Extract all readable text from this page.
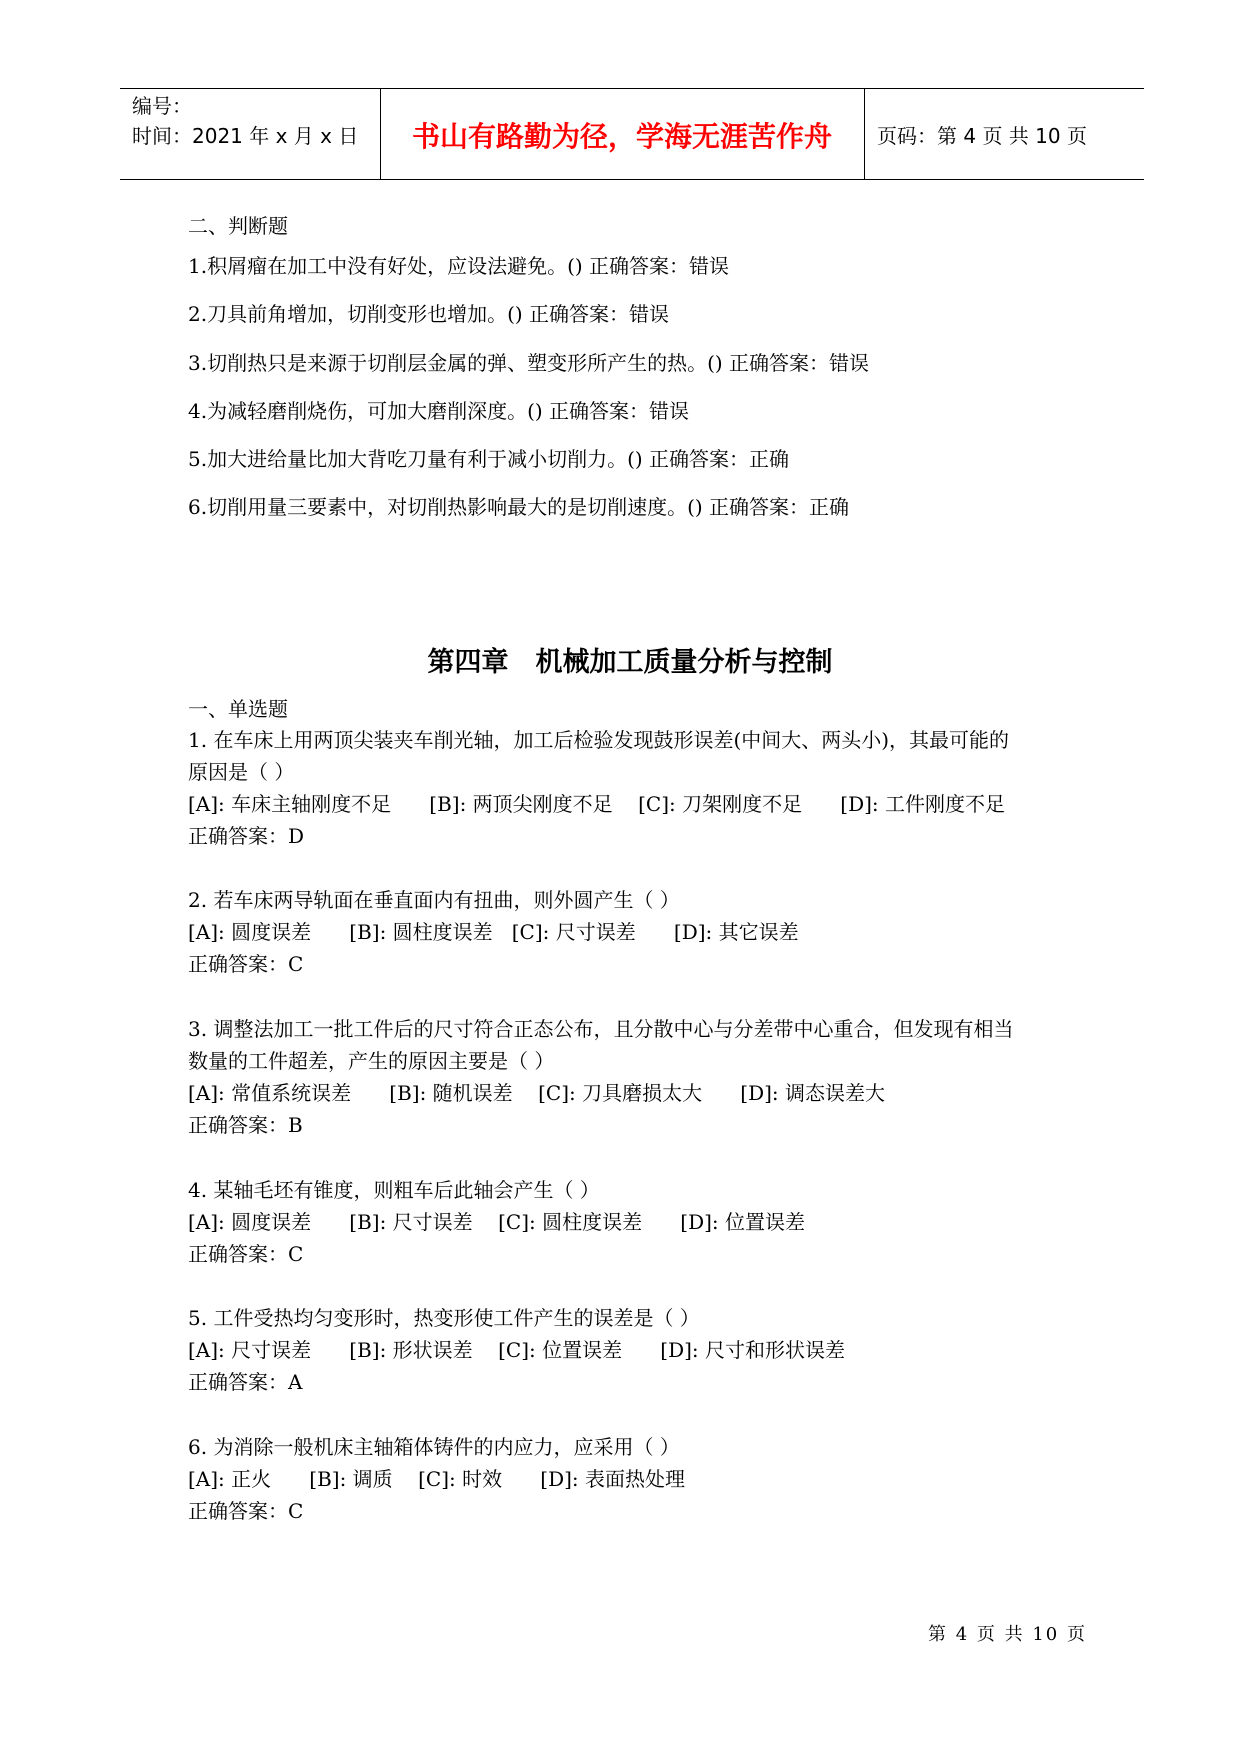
编号：
时间：2021 年 x 月 x 日	书山有路勤为径，学海无涯苦作舟	页码：第 4 页 共 10 页
二、判断题
1.积屑瘤在加工中没有好处，应设法避免。() 正确答案：错误
2.刀具前角增加，切削变形也增加。() 正确答案：错误
3.切削热只是来源于切削层金属的弹、塑变形所产生的热。() 正确答案：错误
4.为减轻磨削烧伤，可加大磨削深度。() 正确答案：错误
5.加大进给量比加大背吃刀量有利于减小切削力。() 正确答案：正确
6.切削用量三要素中，对切削热影响最大的是切削速度。() 正确答案：正确
第四章　机械加工质量分析与控制
一、单选题
1. 在车床上用两顶尖装夹车削光轴，加工后检验发现鼓形误差(中间大、两头小)，其最可能的
原因是（ ）
[A]: 车床主轴刚度不足      [B]: 两顶尖刚度不足    [C]: 刀架刚度不足      [D]: 工件刚度不足
正确答案：D
2. 若车床两导轨面在垂直面内有扭曲，则外圆产生（ ）
[A]: 圆度误差      [B]: 圆柱度误差   [C]: 尺寸误差      [D]: 其它误差
正确答案：C
3. 调整法加工一批工件后的尺寸符合正态公布，且分散中心与分差带中心重合，但发现有相当
数量的工件超差，产生的原因主要是（ ）
[A]: 常值系统误差      [B]: 随机误差    [C]: 刀具磨损太大      [D]: 调态误差大
正确答案：B
4. 某轴毛坯有锥度，则粗车后此轴会产生（ ）
[A]: 圆度误差      [B]: 尺寸误差    [C]: 圆柱度误差      [D]: 位置误差
正确答案：C
5. 工件受热均匀变形时，热变形使工件产生的误差是（ ）
[A]: 尺寸误差      [B]: 形状误差    [C]: 位置误差      [D]: 尺寸和形状误差
正确答案：A
6. 为消除一般机床主轴箱体铸件的内应力，应采用（ ）
[A]: 正火      [B]: 调质    [C]: 时效      [D]: 表面热处理
正确答案：C
第 4 页 共 10 页
